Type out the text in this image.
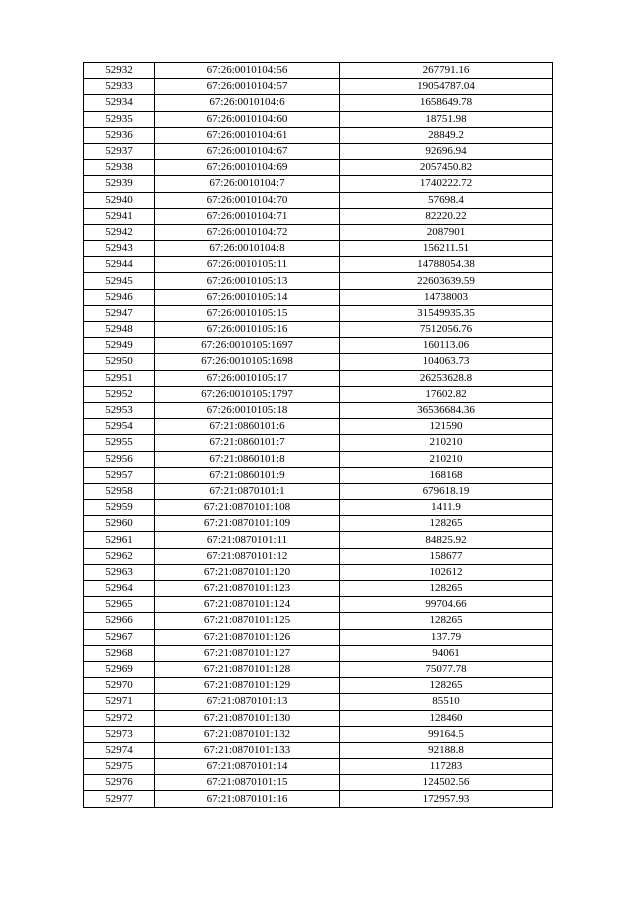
52932	67:26:0010104:56	267791.16
52933	67:26:0010104:57	19054787.04
52934	67:26:0010104:6	1658649.78
52935	67:26:0010104:60	18751.98
52936	67:26:0010104:61	28849.2
52937	67:26:0010104:67	92696.94
52938	67:26:0010104:69	2057450.82
52939	67:26:0010104:7	1740222.72
52940	67:26:0010104:70	57698.4
52941	67:26:0010104:71	82220.22
52942	67:26:0010104:72	2087901
52943	67:26:0010104:8	156211.51
52944	67:26:0010105:11	14788054.38
52945	67:26:0010105:13	22603639.59
52946	67:26:0010105:14	14738003
52947	67:26:0010105:15	31549935.35
52948	67:26:0010105:16	7512056.76
52949	67:26:0010105:1697	160113.06
52950	67:26:0010105:1698	104063.73
52951	67:26:0010105:17	26253628.8
52952	67:26:0010105:1797	17602.82
52953	67:26:0010105:18	36536684.36
52954	67:21:0860101:6	121590
52955	67:21:0860101:7	210210
52956	67:21:0860101:8	210210
52957	67:21:0860101:9	168168
52958	67:21:0870101:1	679618.19
52959	67:21:0870101:108	1411.9
52960	67:21:0870101:109	128265
52961	67:21:0870101:11	84825.92
52962	67:21:0870101:12	158677
52963	67:21:0870101:120	102612
52964	67:21:0870101:123	128265
52965	67:21:0870101:124	99704.66
52966	67:21:0870101:125	128265
52967	67:21:0870101:126	137.79
52968	67:21:0870101:127	94061
52969	67:21:0870101:128	75077.78
52970	67:21:0870101:129	128265
52971	67:21:0870101:13	85510
52972	67:21:0870101:130	128460
52973	67:21:0870101:132	99164.5
52974	67:21:0870101:133	92188.8
52975	67:21:0870101:14	117283
52976	67:21:0870101:15	124502.56
52977	67:21:0870101:16	172957.93
